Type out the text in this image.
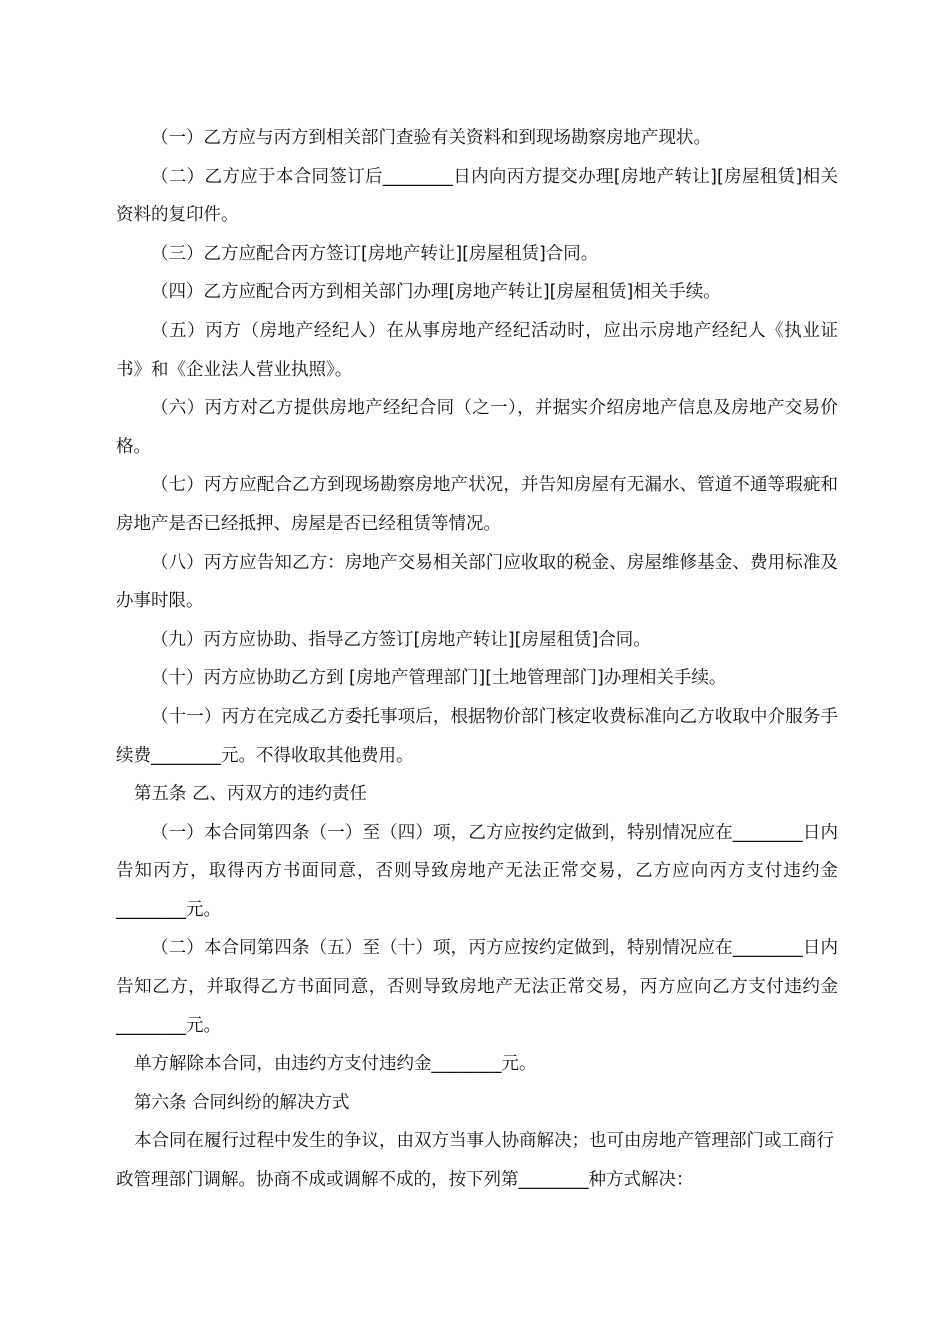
（一）乙方应与丙方到相关部门查验有关资料和到现场勘察房地产现状。

（二）乙方应于本合同签订后________日内向丙方提交办理[房地产转让][房屋租赁]相关资料的复印件。

（三）乙方应配合丙方签订[房地产转让][房屋租赁]合同。

（四）乙方应配合丙方到相关部门办理[房地产转让][房屋租赁]相关手续。

（五）丙方（房地产经纪人）在从事房地产经纪活动时，应出示房地产经纪人《执业证书》和《企业法人营业执照》。

（六）丙方对乙方提供房地产经纪合同（之一），并据实介绍房地产信息及房地产交易价格。

（七）丙方应配合乙方到现场勘察房地产状况，并告知房屋有无漏水、管道不通等瑕疵和房地产是否已经抵押、房屋是否已经租赁等情况。

（八）丙方应告知乙方：房地产交易相关部门应收取的税金、房屋维修基金、费用标准及办事时限。

（九）丙方应协助、指导乙方签订[房地产转让][房屋租赁]合同。

（十）丙方应协助乙方到 [房地产管理部门][土地管理部门]办理相关手续。

（十一）丙方在完成乙方委托事项后，根据物价部门核定收费标准向乙方收取中介服务手续费________元。不得收取其他费用。

第五条 乙、丙双方的违约责任

（一）本合同第四条（一）至（四）项，乙方应按约定做到，特别情况应在________日内告知丙方，取得丙方书面同意，否则导致房地产无法正常交易，乙方应向丙方支付违约金________元。

（二）本合同第四条（五）至（十）项，丙方应按约定做到，特别情况应在________日内告知乙方，并取得乙方书面同意，否则导致房地产无法正常交易，丙方应向乙方支付违约金________元。

单方解除本合同，由违约方支付违约金________元。

第六条 合同纠纷的解决方式

本合同在履行过程中发生的争议，由双方当事人协商解决；也可由房地产管理部门或工商行政管理部门调解。协商不成或调解不成的，按下列第________种方式解决：
